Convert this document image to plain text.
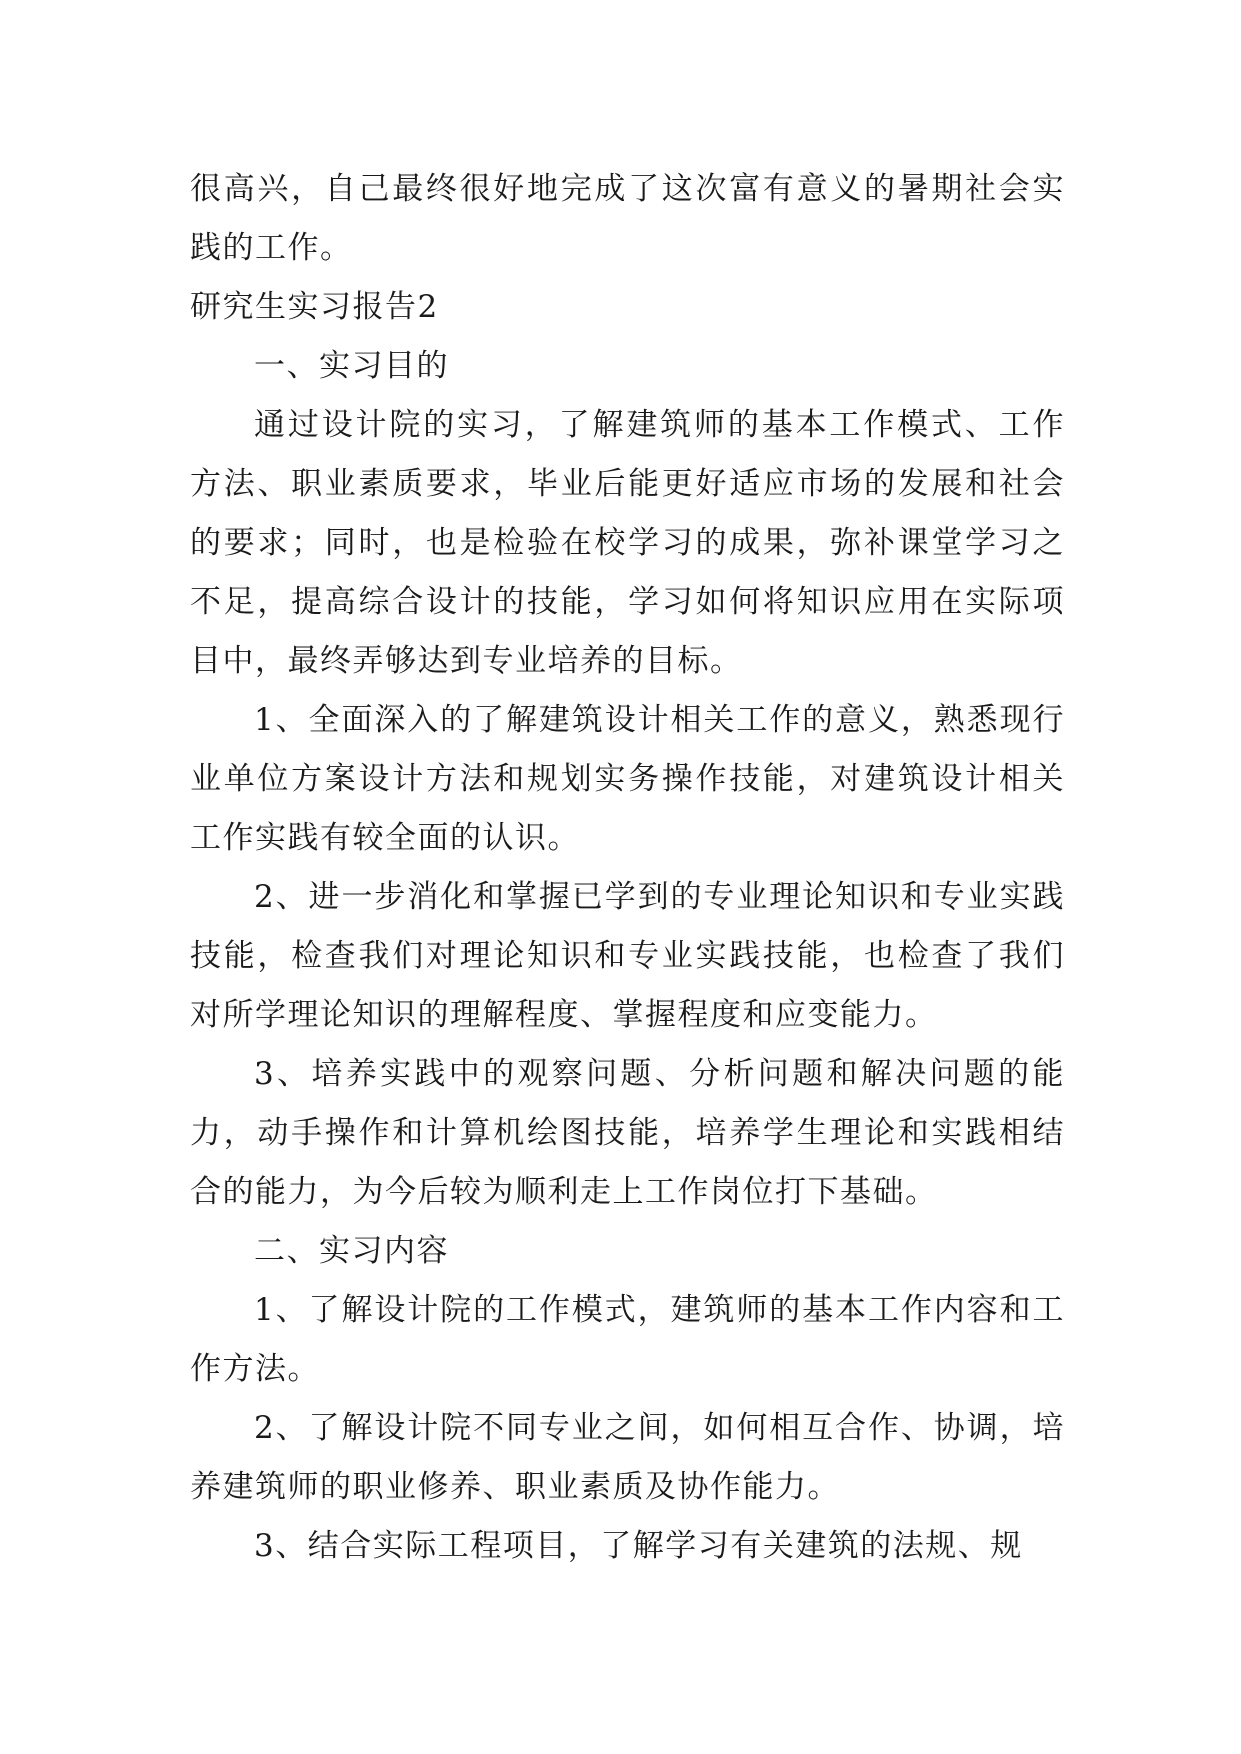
很高兴，自己最终很好地完成了这次富有意义的暑期社会实践的工作。

研究生实习报告2

一、实习目的

通过设计院的实习，了解建筑师的基本工作模式、工作方法、职业素质要求，毕业后能更好适应市场的发展和社会的要求；同时，也是检验在校学习的成果，弥补课堂学习之不足，提高综合设计的技能，学习如何将知识应用在实际项目中，最终弄够达到专业培养的目标。

1、全面深入的了解建筑设计相关工作的意义，熟悉现行业单位方案设计方法和规划实务操作技能，对建筑设计相关工作实践有较全面的认识。

2、进一步消化和掌握已学到的专业理论知识和专业实践技能，检查我们对理论知识和专业实践技能，也检查了我们对所学理论知识的理解程度、掌握程度和应变能力。

3、培养实践中的观察问题、分析问题和解决问题的能力，动手操作和计算机绘图技能，培养学生理论和实践相结合的能力，为今后较为顺利走上工作岗位打下基础。

二、实习内容

1、了解设计院的工作模式，建筑师的基本工作内容和工作方法。

2、了解设计院不同专业之间，如何相互合作、协调，培养建筑师的职业修养、职业素质及协作能力。

3、结合实际工程项目，了解学习有关建筑的法规、规
